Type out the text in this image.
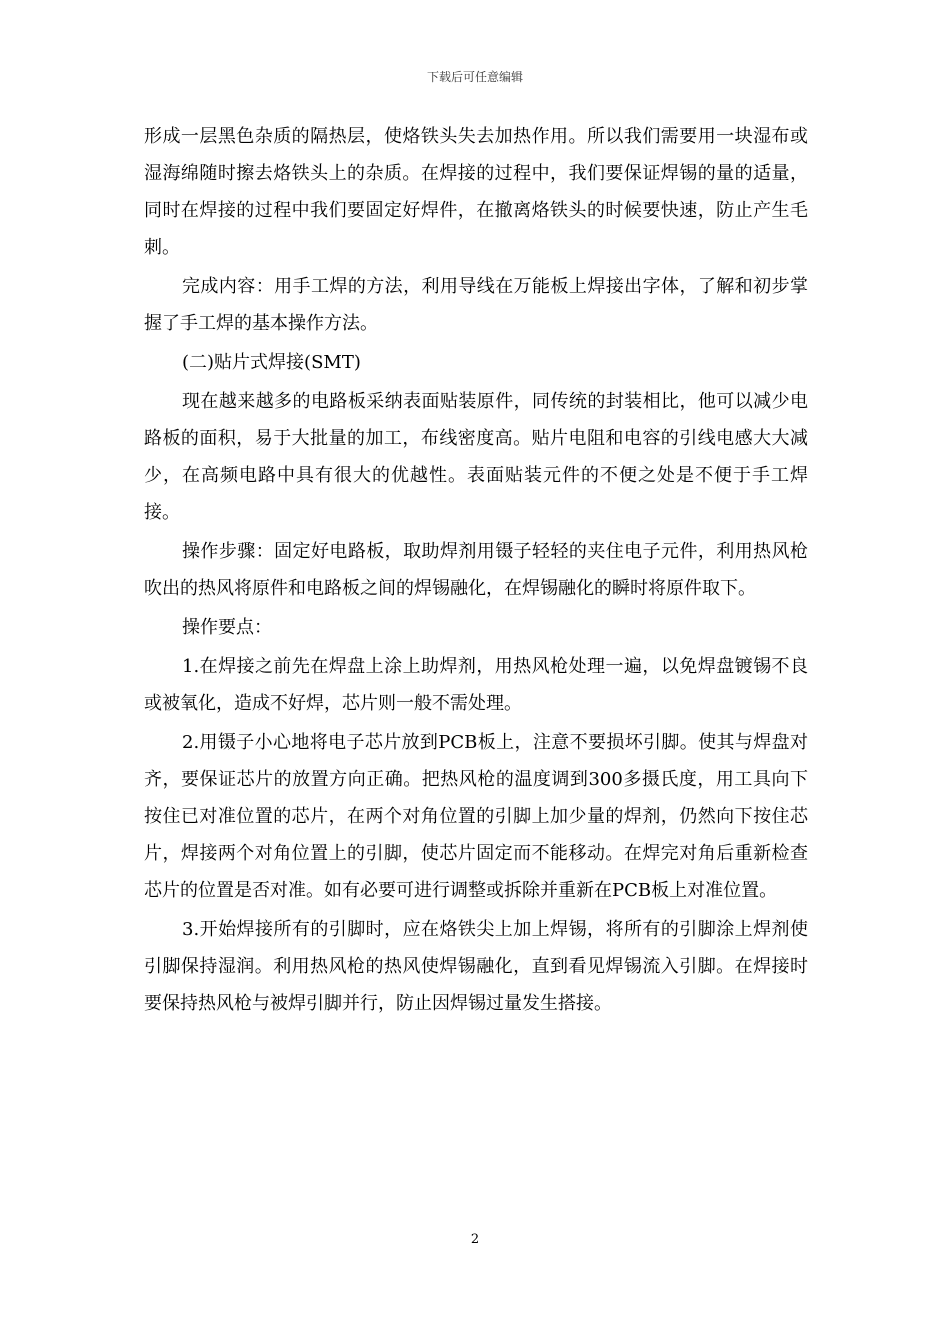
下载后可任意编辑

形成一层黑色杂质的隔热层，使烙铁头失去加热作用。所以我们需要用一块湿布或湿海绵随时擦去烙铁头上的杂质。在焊接的过程中，我们要保证焊锡的量的适量，同时在焊接的过程中我们要固定好焊件，在撤离烙铁头的时候要快速，防止产生毛刺。

完成内容：用手工焊的方法，利用导线在万能板上焊接出字体，了解和初步掌握了手工焊的基本操作方法。

(二)贴片式焊接(SMT)

现在越来越多的电路板采纳表面贴装原件，同传统的封装相比，他可以减少电路板的面积，易于大批量的加工，布线密度高。贴片电阻和电容的引线电感大大减少，在高频电路中具有很大的优越性。表面贴装元件的不便之处是不便于手工焊接。

操作步骤：固定好电路板，取助焊剂用镊子轻轻的夹住电子元件，利用热风枪吹出的热风将原件和电路板之间的焊锡融化，在焊锡融化的瞬时将原件取下。

操作要点：

1.在焊接之前先在焊盘上涂上助焊剂，用热风枪处理一遍，以免焊盘镀锡不良或被氧化，造成不好焊，芯片则一般不需处理。

2.用镊子小心地将电子芯片放到PCB板上，注意不要损坏引脚。使其与焊盘对齐，要保证芯片的放置方向正确。把热风枪的温度调到300多摄氏度，用工具向下按住已对准位置的芯片，在两个对角位置的引脚上加少量的焊剂，仍然向下按住芯片，焊接两个对角位置上的引脚，使芯片固定而不能移动。在焊完对角后重新检查芯片的位置是否对准。如有必要可进行调整或拆除并重新在PCB板上对准位置。

3.开始焊接所有的引脚时，应在烙铁尖上加上焊锡，将所有的引脚涂上焊剂使引脚保持湿润。利用热风枪的热风使焊锡融化，直到看见焊锡流入引脚。在焊接时要保持热风枪与被焊引脚并行，防止因焊锡过量发生搭接。

2
